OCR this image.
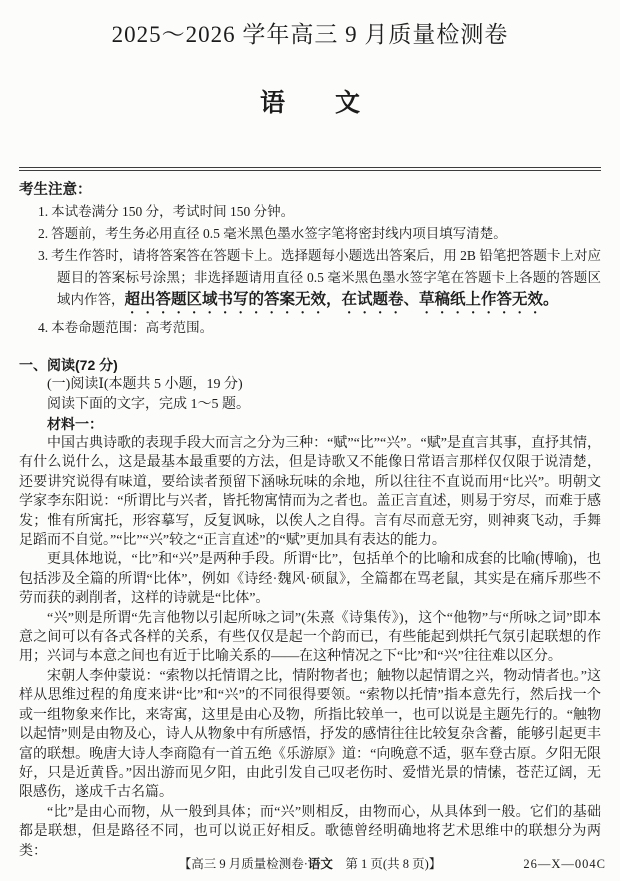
2025～2026 学年高三 9 月质量检测卷
语　　文
考生注意：
1. 本试卷满分 150 分，考试时间 150 分钟。
2. 答题前，考生务必用直径 0.5 毫米黑色墨水签字笔将密封线内项目填写清楚。
3. 考生作答时，请将答案答在答题卡上。选择题每小题选出答案后，用 2B 铅笔把答题卡上对应题目的答案标号涂黑；非选择题请用直径 0.5 毫米黑色墨水签字笔在答题卡上各题的答题区域内作答，超出答题区域书写的答案无效，在试题卷、草稿纸上作答无效。
4. 本卷命题范围：高考范围。
一、阅读(72 分)
(一)阅读Ⅰ(本题共 5 小题，19 分)
阅读下面的文字，完成 1～5 题。
材料一：

中国古典诗歌的表现手段大而言之分为三种：“赋”“比”“兴”。“赋”是直言其事，直抒其情，有什么说什么，这是最基本最重要的方法，但是诗歌又不能像日常语言那样仅仅限于说清楚，还要讲究说得有味道，要给读者预留下涵咏玩味的余地，所以往往不直说而用“比兴”。明朝文学家李东阳说：“所谓比与兴者，皆托物寓情而为之者也。盖正言直述，则易于穷尽，而难于感发；惟有所寓托，形容摹写，反复讽咏，以俟人之自得。言有尽而意无穷，则神爽飞动，手舞足蹈而不自觉。”“比”“兴”较之“正言直述”的“赋”更加具有表达的能力。

更具体地说，“比”和“兴”是两种手段。所谓“比”，包括单个的比喻和成套的比喻(博喻)，也包括涉及全篇的所谓“比体”，例如《诗经·魏风·硕鼠》，全篇都在骂老鼠，其实是在痛斥那些不劳而获的剥削者，这样的诗就是“比体”。

“兴”则是所谓“先言他物以引起所咏之词”(朱熹《诗集传》)，这个“他物”与“所咏之词”即本意之间可以有各式各样的关系，有些仅仅是起一个韵而已，有些能起到烘托气氛引起联想的作用；兴词与本意之间也有近于比喻关系的——在这种情况之下“比”和“兴”往往难以区分。

宋朝人李仲蒙说：“索物以托情谓之比，情附物者也；触物以起情谓之兴，物动情者也。”这样从思维过程的角度来讲“比”和“兴”的不同很得要领。“索物以托情”指本意先行，然后找一个或一组物象来作比，来寄寓，这里是由心及物，所指比较单一，也可以说是主题先行的。“触物以起情”则是由物及心，诗人从物象中有所感悟，抒发的感情往往比较复杂含蓄，能够引起更丰富的联想。晚唐大诗人李商隐有一首五绝《乐游原》道：“向晚意不适，驱车登古原。夕阳无限好，只是近黄昏。”因出游而见夕阳，由此引发自己叹老伤时、爱惜光景的情愫，苍茫辽阔，无限感伤，遂成千古名篇。

“比”是由心而物，从一般到具体；而“兴”则相反，由物而心，从具体到一般。它们的基础都是联想，但是路径不同，也可以说正好相反。歌德曾经明确地将艺术思维中的联想分为两类：

【高三 9 月质量检测卷·语文　第 1 页(共 8 页)】	26—X—004C
